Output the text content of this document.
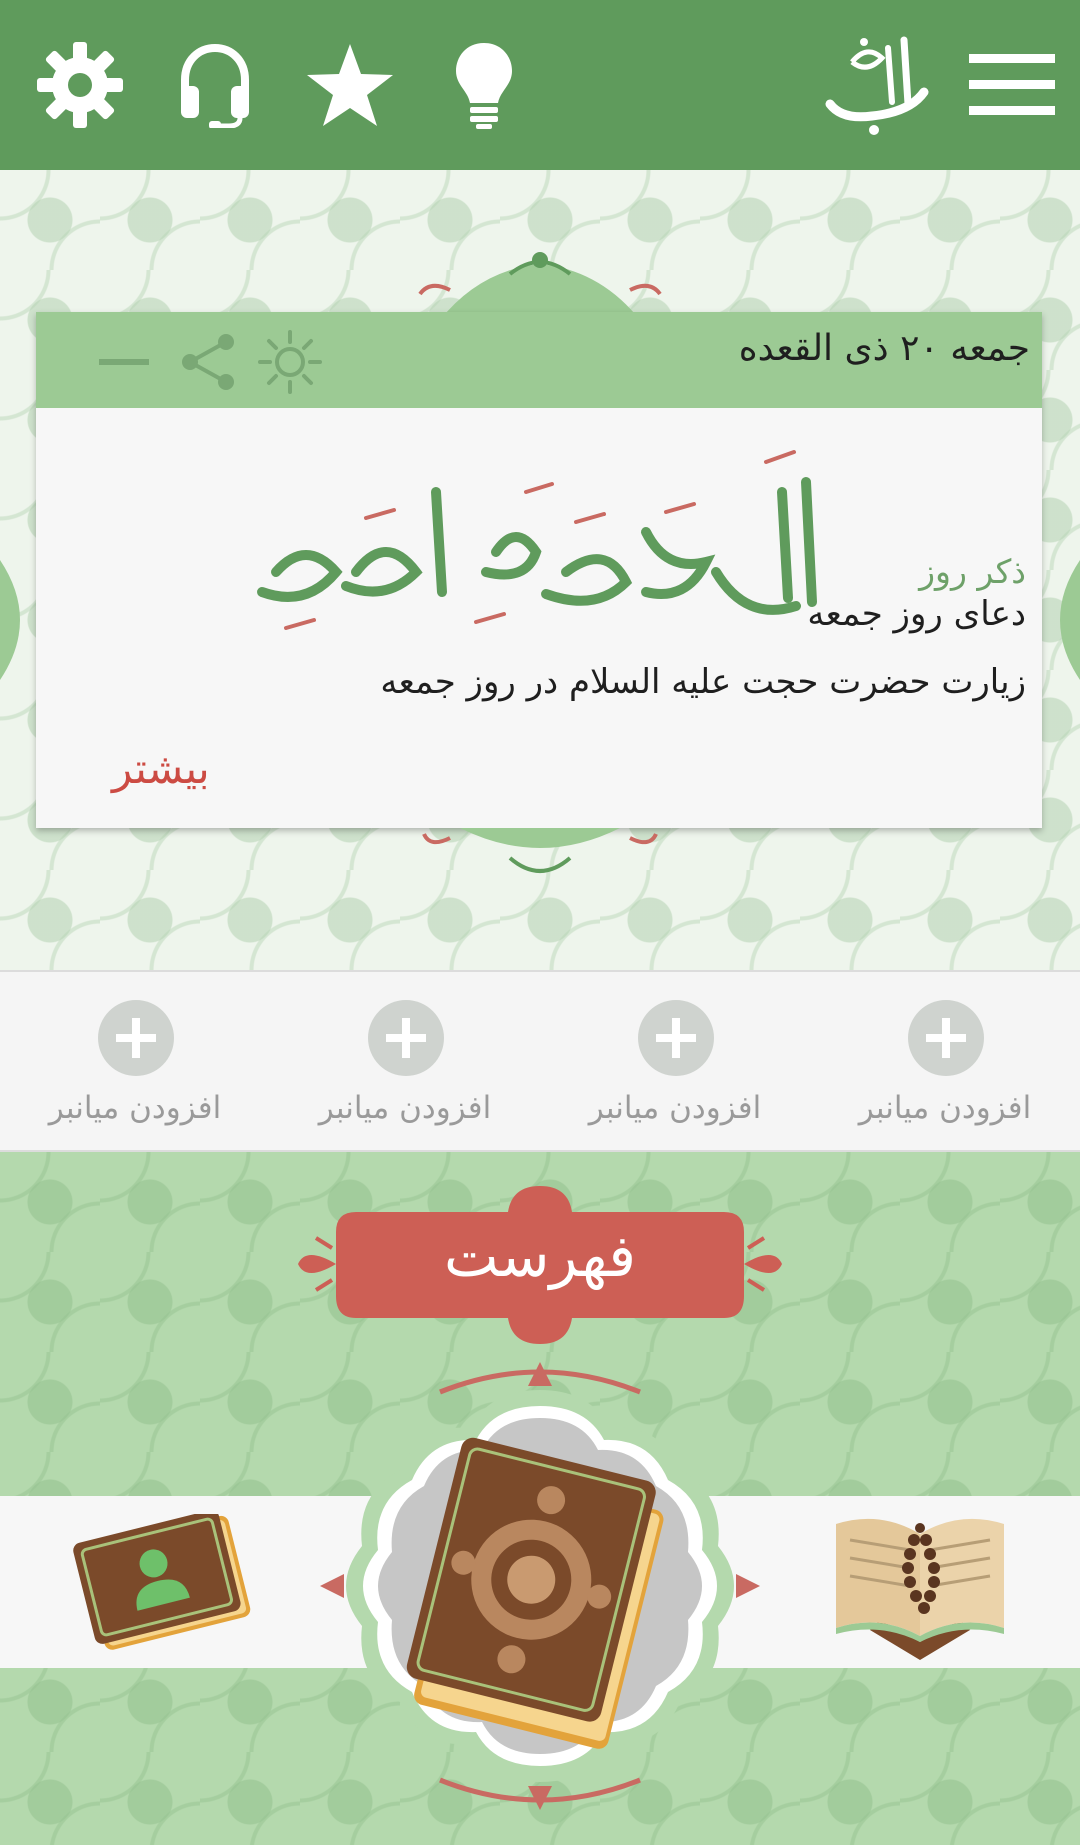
جمعه ۲۰ ذی القعده
ذکر روز
دعای روز جمعه
زیارت حضرت حجت علیه السلام در روز جمعه
بیشتر
افزودن میانبر
افزودن میانبر
افزودن میانبر
افزودن میانبر
فهرست
